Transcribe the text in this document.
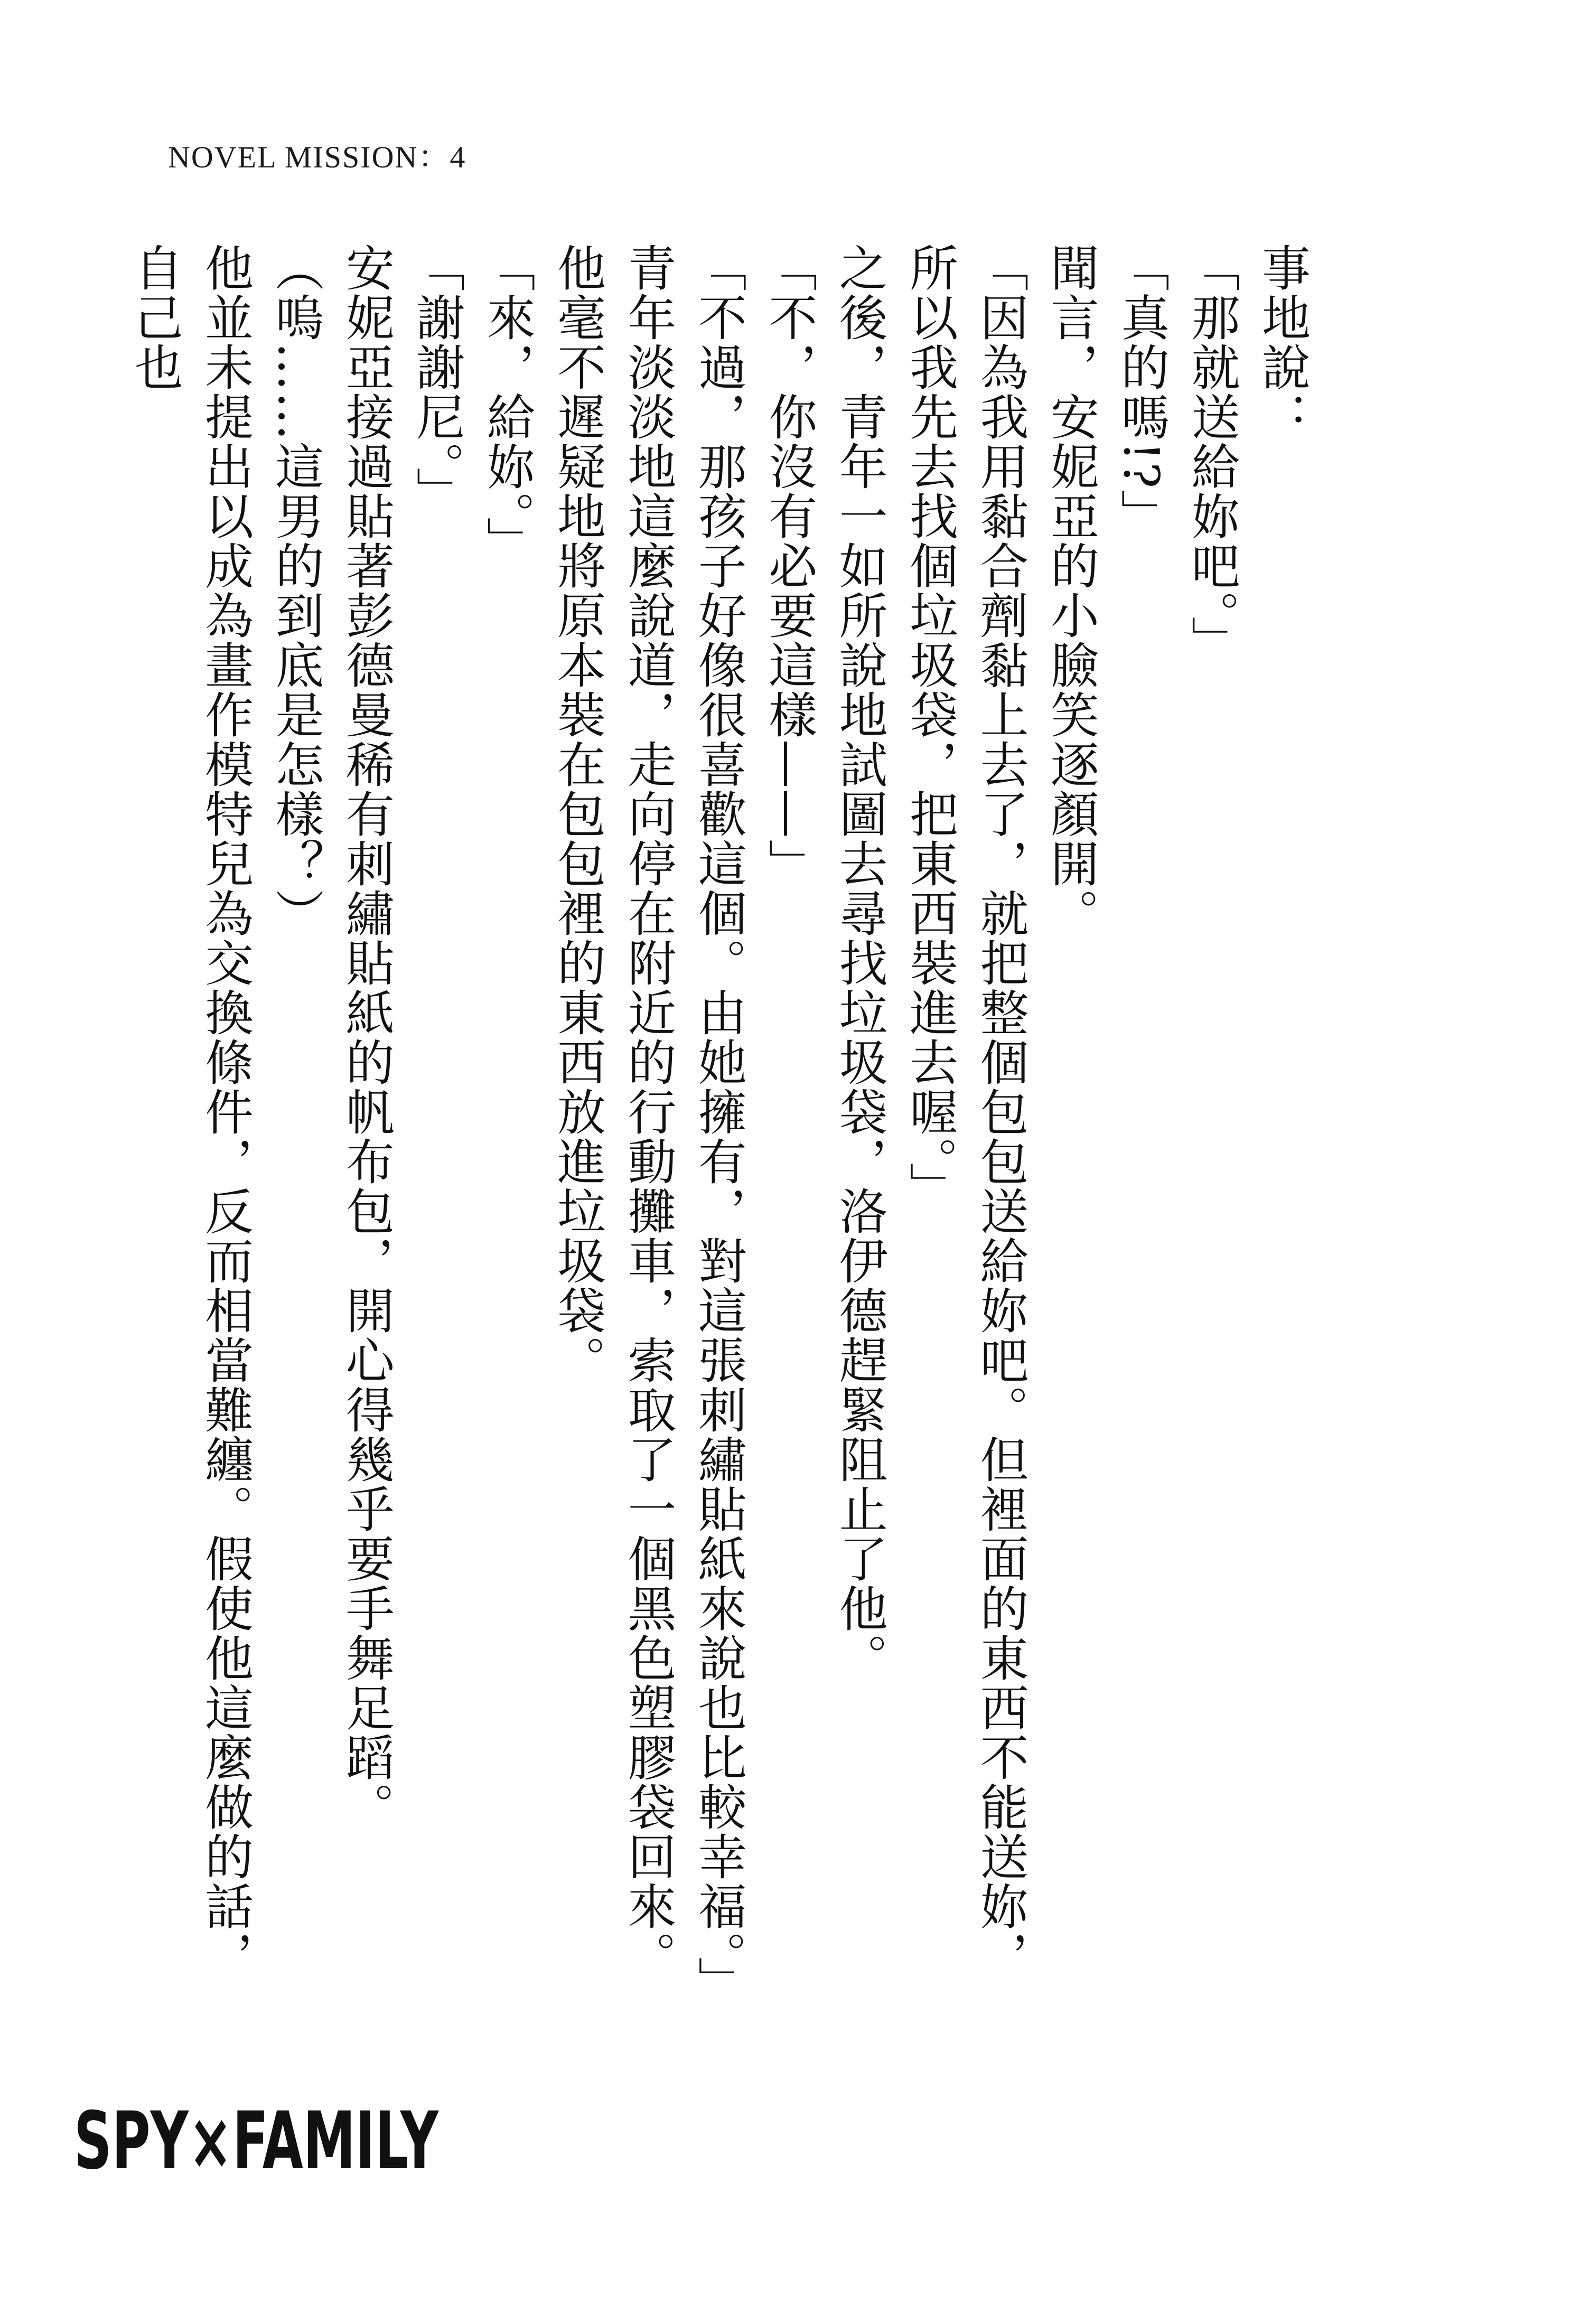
NOVEL MISSION：4

事地說：

「那就送給妳吧。」

「真的嗎!?」

聞言，安妮亞的小臉笑逐顏開。

「因為我用黏合劑黏上去了，就把整個包包送給妳吧。但裡面的東西不能送妳，所以我先去找個垃圾袋，把東西裝進去喔。」

之後，青年一如所說地試圖去尋找垃圾袋，洛伊德趕緊阻止了他。

「不，你沒有必要這樣——」

「不過，那孩子好像很喜歡這個。由她擁有，對這張刺繡貼紙來說也比較幸福。」

青年淡淡地這麼說道，走向停在附近的行動攤車，索取了一個黑色塑膠袋回來。

他毫不遲疑地將原本裝在包包裡的東西放進垃圾袋。

「來，給妳。」

「謝謝尼。」

安妮亞接過貼著彭德曼稀有刺繡貼紙的帆布包，開心得幾乎要手舞足蹈。

（嗚……這男的到底是怎樣？）

他並未提出以成為畫作模特兒為交換條件，反而相當難纏。假使他這麼做的話，自己也

SPY×FAMILY
